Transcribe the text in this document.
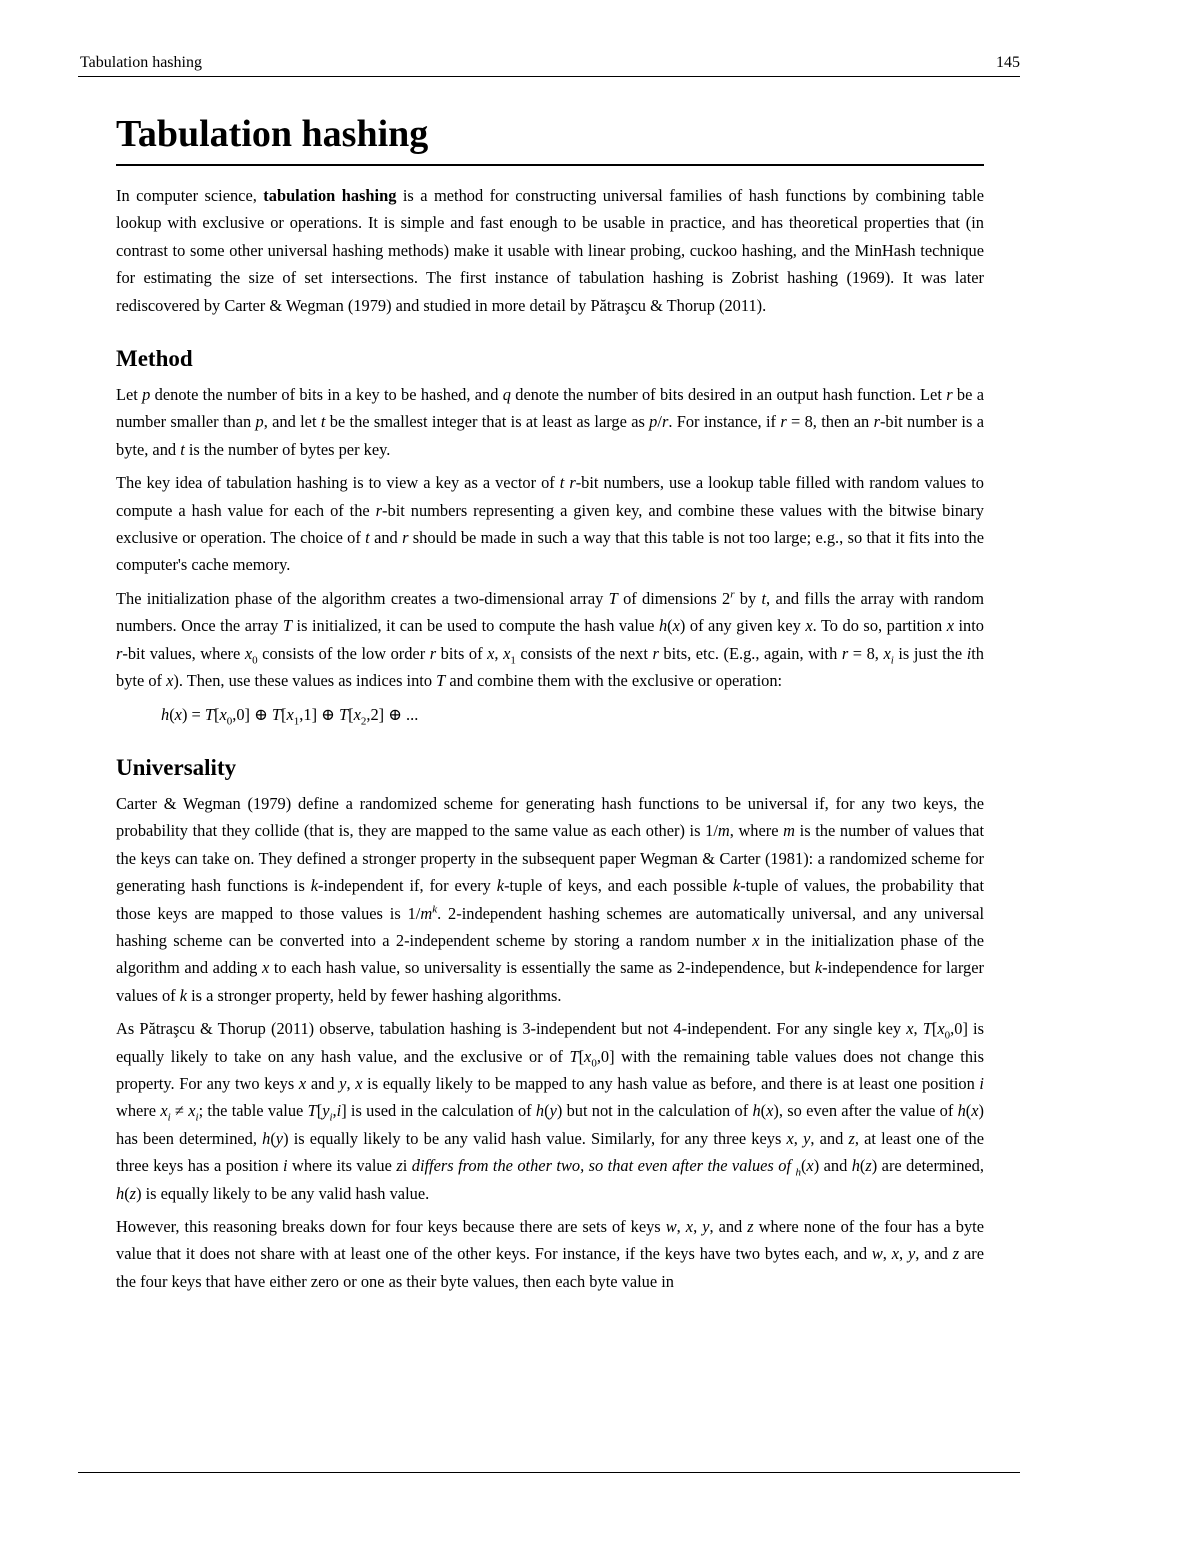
Tabulation hashing	145
Tabulation hashing

In computer science, tabulation hashing is a method for constructing universal families of hash functions by combining table lookup with exclusive or operations. It is simple and fast enough to be usable in practice, and has theoretical properties that (in contrast to some other universal hashing methods) make it usable with linear probing, cuckoo hashing, and the MinHash technique for estimating the size of set intersections. The first instance of tabulation hashing is Zobrist hashing (1969). It was later rediscovered by Carter & Wegman (1979) and studied in more detail by Pătraşcu & Thorup (2011).

Method

Let p denote the number of bits in a key to be hashed, and q denote the number of bits desired in an output hash function. Let r be a number smaller than p, and let t be the smallest integer that is at least as large as p/r. For instance, if r = 8, then an r-bit number is a byte, and t is the number of bytes per key.

The key idea of tabulation hashing is to view a key as a vector of t r-bit numbers, use a lookup table filled with random values to compute a hash value for each of the r-bit numbers representing a given key, and combine these values with the bitwise binary exclusive or operation. The choice of t and r should be made in such a way that this table is not too large; e.g., so that it fits into the computer's cache memory.

The initialization phase of the algorithm creates a two-dimensional array T of dimensions 2$^r$ by t, and fills the array with random numbers. Once the array T is initialized, it can be used to compute the hash value h(x) of any given key x. To do so, partition x into r-bit values, where $x_0$ consists of the low order r bits of x, $x_1$ consists of the next r bits, etc. (E.g., again, with r = 8, $x_i$ is just the ith byte of x). Then, use these values as indices into T and combine them with the exclusive or operation:

$h(x) = T[x_0,0]$ ⊕ $T[x_1,1]$ ⊕ $T[x_2,2]$ ⊕ ...
Universality

Carter & Wegman (1979) define a randomized scheme for generating hash functions to be universal if, for any two keys, the probability that they collide (that is, they are mapped to the same value as each other) is 1/m, where m is the number of values that the keys can take on. They defined a stronger property in the subsequent paper Wegman & Carter (1981): a randomized scheme for generating hash functions is k-independent if, for every k-tuple of keys, and each possible k-tuple of values, the probability that those keys are mapped to those values is $1/m^k$. 2-independent hashing schemes are automatically universal, and any universal hashing scheme can be converted into a 2-independent scheme by storing a random number x in the initialization phase of the algorithm and adding x to each hash value, so universality is essentially the same as 2-independence, but k-independence for larger values of k is a stronger property, held by fewer hashing algorithms.

As Pătraşcu & Thorup (2011) observe, tabulation hashing is 3-independent but not 4-independent. For any single key x, $T[x_0,0]$ is equally likely to take on any hash value, and the exclusive or of $T[x_0,0]$ with the remaining table values does not change this property. For any two keys x and y, x is equally likely to be mapped to any hash value as before, and there is at least one position i where $x_i \ne x_i$; the table value $T[y_i,i]$ is used in the calculation of h(y) but not in the calculation of h(x), so even after the value of h(x) has been determined, h(y) is equally likely to be any valid hash value. Similarly, for any three keys x, y, and z, at least one of the three keys has a position i where its value zi differs from the other two, so that even after the values of $_h$(x) and h(z) are determined, h(z) is equally likely to be any valid hash value.

However, this reasoning breaks down for four keys because there are sets of keys w, x, y, and z where none of the four has a byte value that it does not share with at least one of the other keys. For instance, if the keys have two bytes each, and w, x, y, and z are the four keys that have either zero or one as their byte values, then each byte value in
